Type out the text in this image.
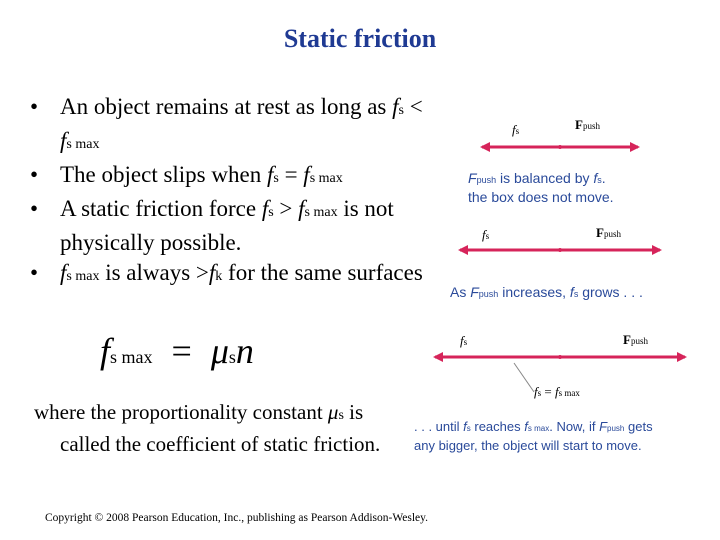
Static friction
• An object remains at rest as long as fs < fs max
• The object slips when fs = fs max
• A static friction force fs > fs max is not physically possible.
• fs max is always >fk for the same surfaces
fs max = μsn
where the proportionality constant μs is
called the coefficient of static friction.
Copyright © 2008 Pearson Education, Inc., publishing as Pearson Addison-Wesley.
fs	Fpush
Fpush is balanced by fs.
the box does not move.
fs	Fpush
As Fpush increases, fs grows . . .
fs	Fpush
fs = fs max
. . . until fs reaches fs max. Now, if Fpush gets
any bigger, the object will start to move.
